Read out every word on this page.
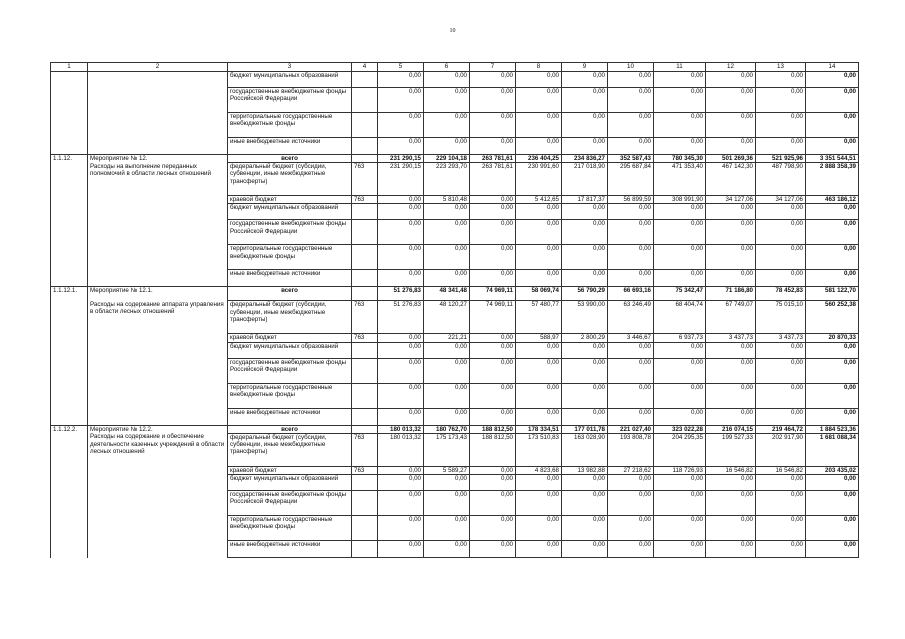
10
1	2	3	4	5	6	7	8	9	10	11	12	13	14
		бюджет муниципальных образований		0,00	0,00	0,00	0,00	0,00	0,00	0,00	0,00	0,00	0,00
		государственные внебюджетные фонды Российской Федерации		0,00	0,00	0,00	0,00	0,00	0,00	0,00	0,00	0,00	0,00
		территориальные государственные внебюджетные фонды		0,00	0,00	0,00	0,00	0,00	0,00	0,00	0,00	0,00	0,00
		иные внебюджетные источники		0,00	0,00	0,00	0,00	0,00	0,00	0,00	0,00	0,00	0,00
1.1.12.	Мероприятие № 12.	всего		231 290,15	229 104,18	263 781,61	236 404,25	234 836,27	352 587,43	780 345,30	501 269,36	521 925,96	3 351 544,51
	Расходы на выполнение переданных полномочий в области лесных отношений	федеральный бюджет (субсидии, субвенции, иные межбюджетные трансферты)	763	231 290,15	223 293,70	263 781,61	230 991,60	217 018,90	295 687,84	471 353,40	467 142,30	487 798,90	2 888 358,39
		краевой бюджет	763	0,00	5 810,48	0,00	5 412,65	17 817,37	56 899,59	308 991,90	34 127,06	34 127,06	463 186,12
		бюджет муниципальных образований		0,00	0,00	0,00	0,00	0,00	0,00	0,00	0,00	0,00	0,00
		государственные внебюджетные фонды Российской Федерации		0,00	0,00	0,00	0,00	0,00	0,00	0,00	0,00	0,00	0,00
		территориальные государственные внебюджетные фонды		0,00	0,00	0,00	0,00	0,00	0,00	0,00	0,00	0,00	0,00
		иные внебюджетные источники		0,00	0,00	0,00	0,00	0,00	0,00	0,00	0,00	0,00	0,00
1.1.12.1.	Мероприятие № 12.1.	всего		51 276,83	48 341,48	74 969,11	58 069,74	56 790,29	66 693,16	75 342,47	71 186,80	78 452,83	581 122,70
	Расходы на содержание аппарата управления в области лесных отношений	федеральный бюджет (субсидии, субвенции, иные межбюджетные трансферты)	763	51 276,83	48 120,27	74 969,11	57 480,77	53 990,00	63 246,49	68 404,74	67 749,07	75 015,10	560 252,38
		краевой бюджет	763	0,00	221,21	0,00	588,97	2 800,29	3 446,67	6 937,73	3 437,73	3 437,73	20 870,33
		бюджет муниципальных образований		0,00	0,00	0,00	0,00	0,00	0,00	0,00	0,00	0,00	0,00
		государственные внебюджетные фонды Российской Федерации		0,00	0,00	0,00	0,00	0,00	0,00	0,00	0,00	0,00	0,00
		территориальные государственные внебюджетные фонды		0,00	0,00	0,00	0,00	0,00	0,00	0,00	0,00	0,00	0,00
		иные внебюджетные источники		0,00	0,00	0,00	0,00	0,00	0,00	0,00	0,00	0,00	0,00
1.1.12.2.	Мероприятие № 12.2.	всего		180 013,32	180 762,70	188 812,50	178 334,51	177 011,78	221 027,40	323 022,28	216 074,15	219 464,72	1 884 523,36
	Расходы на содержание и обеспечение деятельности казенных учреждений в области лесных отношений	федеральный бюджет (субсидии, субвенции, иные межбюджетные трансферты)	763	180 013,32	175 173,43	188 812,50	173 510,83	163 028,90	193 808,78	204 295,35	199 527,33	202 917,90	1 681 088,34
		краевой бюджет	763	0,00	5 589,27	0,00	4 823,68	13 982,88	27 218,62	118 726,93	16 546,82	16 546,82	203 435,02
		бюджет муниципальных образований		0,00	0,00	0,00	0,00	0,00	0,00	0,00	0,00	0,00	0,00
		государственные внебюджетные фонды Российской Федерации		0,00	0,00	0,00	0,00	0,00	0,00	0,00	0,00	0,00	0,00
		территориальные государственные внебюджетные фонды		0,00	0,00	0,00	0,00	0,00	0,00	0,00	0,00	0,00	0,00
		иные внебюджетные источники		0,00	0,00	0,00	0,00	0,00	0,00	0,00	0,00	0,00	0,00
